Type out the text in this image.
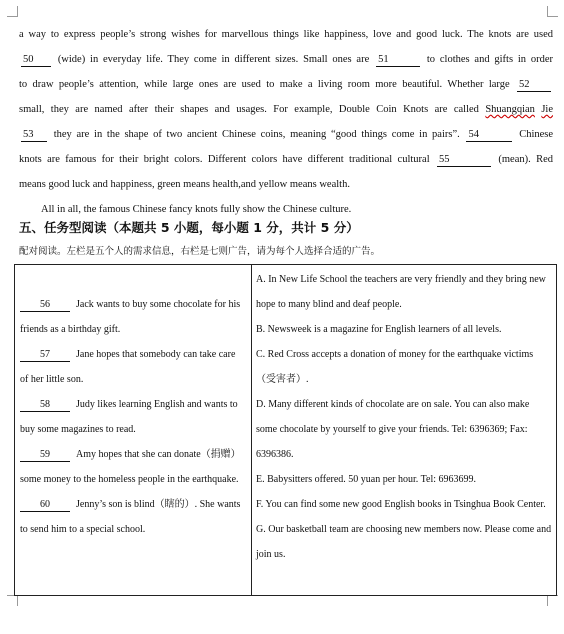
a way to express people’s strong wishes for marvellous things like happiness, love and good luck. The knots are used
50 (wide) in everyday life. They come in different sizes. Small ones are 51	to clothes and gifts in order
to draw people’s attention, while large ones are used to make a living room more beautiful. Whether large 52
small, they are named after their shapes and usages. For example, Double Coin Knots are called Shuangqian Jie
53 they are in the shape of two ancient Chinese coins, meaning “good things come in pairs”. 54	Chinese
knots are famous for their bright colors. Different colors have different traditional cultural 55	(mean). Red
means good luck and happiness, green means health,and yellow means wealth.
All in all, the famous Chinese fancy knots fully show the Chinese culture.
五、任务型阅读（本题共 5 小题，每小题 1 分，共计 5 分）
配对阅读。左栏是五个人的需求信息，右栏是七则广告，请为每个人选择合适的广告。
56	Jack wants to buy some chocolate for his friends as a birthday gift.
57	Jane hopes that somebody can take care of her little son.
58	Judy likes learning English and wants to buy some magazines to read.
59	Amy hopes that she can donate（捐赠）some money to the homeless people in the earthquake.
60	Jenny’s son is blind（瞎的）. She wants to send him to a special school.
A. In New Life School the teachers are very friendly and they bring new hope to many blind and deaf people.
B. Newsweek is a magazine for English learners of all levels.
C. Red Cross accepts a donation of money for the earthquake victims（受害者）.
D. Many different kinds of chocolate are on sale. You can also make some chocolate by yourself to give your friends. Tel: 6396369; Fax: 6396386.
E. Babysitters offered. 50 yuan per hour. Tel: 6963699.
F. You can find some new good English books in Tsinghua Book Center.
G. Our basketball team are choosing new members now. Please come and join us.
